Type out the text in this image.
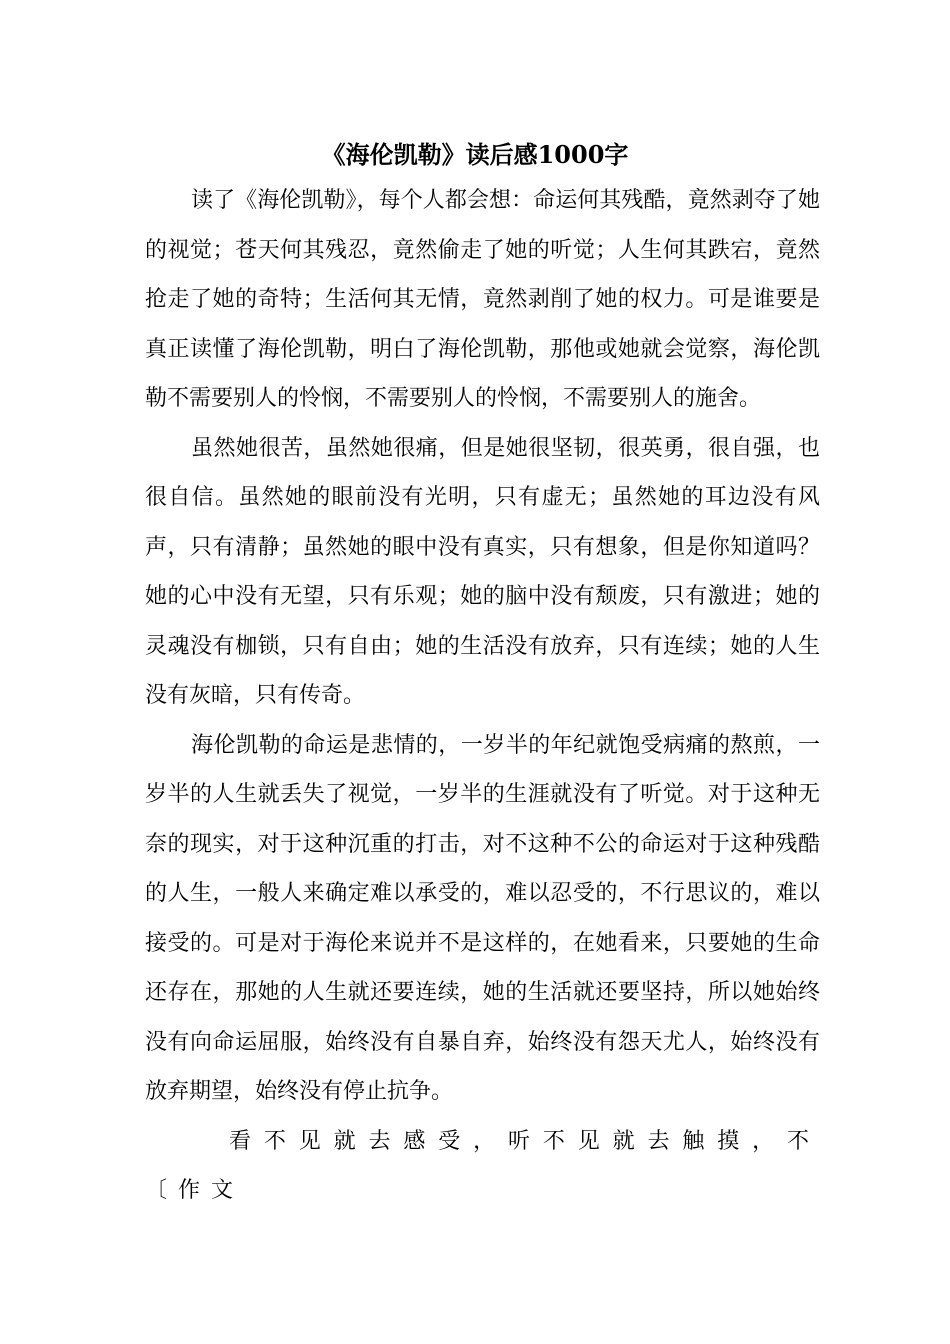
《海伦凯勒》读后感1000字

读了《海伦凯勒》，每个人都会想：命运何其残酷，竟然剥夺了她的视觉；苍天何其残忍，竟然偷走了她的听觉；人生何其跌宕，竟然抢走了她的奇特；生活何其无情，竟然剥削了她的权力。可是谁要是真正读懂了海伦凯勒，明白了海伦凯勒，那他或她就会觉察，海伦凯勒不需要别人的怜悯，不需要别人的怜悯，不需要别人的施舍。

虽然她很苦，虽然她很痛，但是她很坚韧，很英勇，很自强，也很自信。虽然她的眼前没有光明，只有虚无；虽然她的耳边没有风声，只有清静；虽然她的眼中没有真实，只有想象，但是你知道吗？她的心中没有无望，只有乐观；她的脑中没有颓废，只有激进；她的灵魂没有枷锁，只有自由；她的生活没有放弃，只有连续；她的人生没有灰暗，只有传奇。

海伦凯勒的命运是悲情的，一岁半的年纪就饱受病痛的熬煎，一岁半的人生就丢失了视觉，一岁半的生涯就没有了听觉。对于这种无奈的现实，对于这种沉重的打击，对不这种不公的命运对于这种残酷的人生，一般人来确定难以承受的，难以忍受的，不行思议的，难以接受的。可是对于海伦来说并不是这样的，在她看来，只要她的生命还存在，那她的人生就还要连续，她的生活就还要坚持，所以她始终没有向命运屈服，始终没有自暴自弃，始终没有怨天尤人，始终没有放弃期望，始终没有停止抗争。

看不见就去感受，听不见就去触摸，不〔作文
